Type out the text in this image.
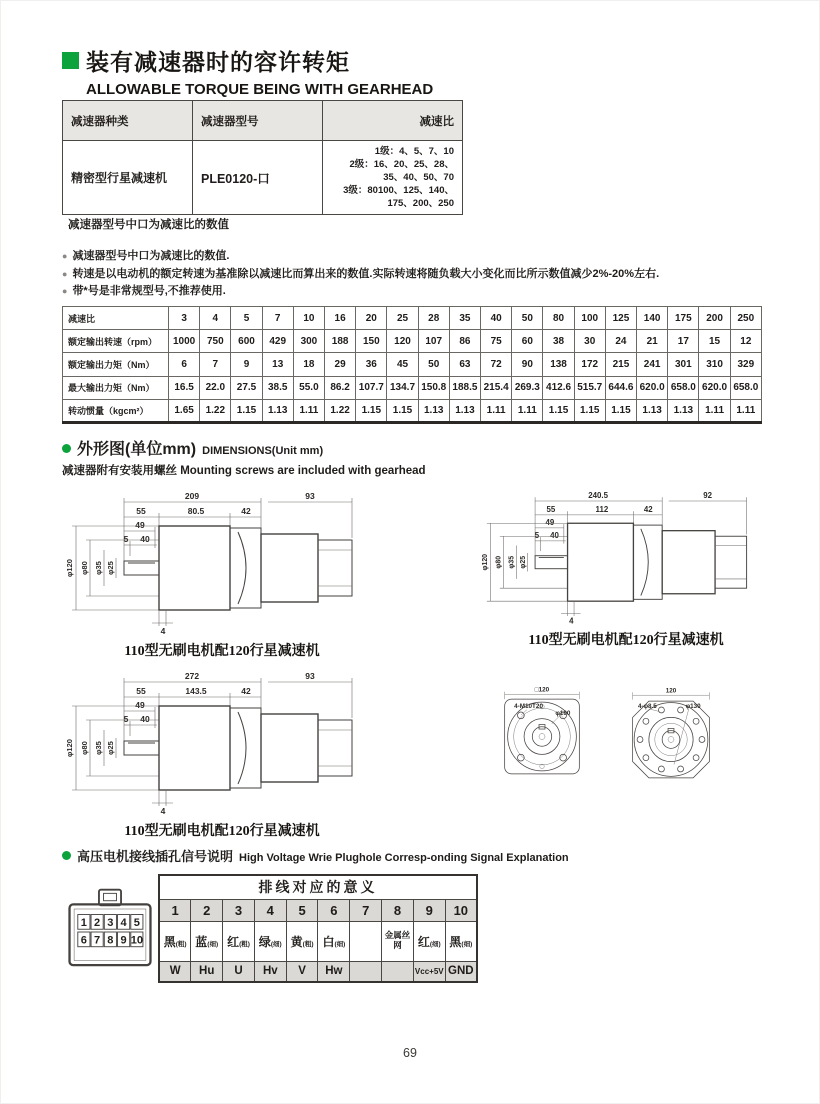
装有减速器时的容许转矩
ALLOWABLE TORQUE BEING WITH GEARHEAD
减速器种类	减速器型号	减速比
精密型行星减速机	PLE0120-口	1级：4、5、7、10
2级：16、20、25、28、
35、40、50、70
3级：80100、125、140、
175、200、250
减速器型号中口为减速比的数值
● 减速器型号中口为减速比的数值.
● 转速是以电动机的额定转速为基准除以减速比而算出来的数值.实际转速将随负载大小变化而比所示数值减少2%-20%左右.
● 带*号是非常规型号,不推荐使用.
减速比	3	4	5	7	10	16	20	25	28	35	40	50	80	100	125	140	175	200	250
额定输出转速（rpm）	1000	750	600	429	300	188	150	120	107	86	75	60	38	30	24	21	17	15	12
额定输出力矩（Nm）	6	7	9	13	18	29	36	45	50	63	72	90	138	172	215	241	301	310	329
最大输出力矩（Nm）	16.5	22.0	27.5	38.5	55.0	86.2	107.7	134.7	150.8	188.5	215.4	269.3	412.6	515.7	644.6	620.0	658.0	620.0	658.0
转动惯量（kgcm²）	1.65	1.22	1.15	1.13	1.11	1.22	1.15	1.15	1.13	1.13	1.11	1.11	1.15	1.15	1.15	1.13	1.13	1.11	1.11
外形图(单位mm) DIMENSIONS(Unit mm)
减速器附有安装用螺丝 Mounting screws are included with gearhead
209	93
55	80.5	42
49
5 40
φ120 φ80 φ35 φ25
4
110型无刷电机配120行星减速机
240.5	92
55	112	42
49
5 40
φ120 φ80 φ35 φ25
4
110型无刷电机配120行星减速机
272	93
55	143.5	42
49
5 40
φ120 φ80 φ35 φ25
4
110型无刷电机配120行星减速机
□120
4-M10T20
φ100
120
4-φ8.5	φ130
高压电机接线插孔信号说明 High Voltage Wrie Plughole Corresp-onding Signal Explanation
1 2 3 4 5
6 7 8 9 10
排线对应的意义									
1	2	3	4	5	6	7	8	9	10
黑(粗)	蓝(细)	红(粗)	绿(细)	黄(粗)	白(细)		金属丝网	红(细)	黑(细)
W	Hu	U	Hv	V	Hw			Vcc+5V	GND
69
